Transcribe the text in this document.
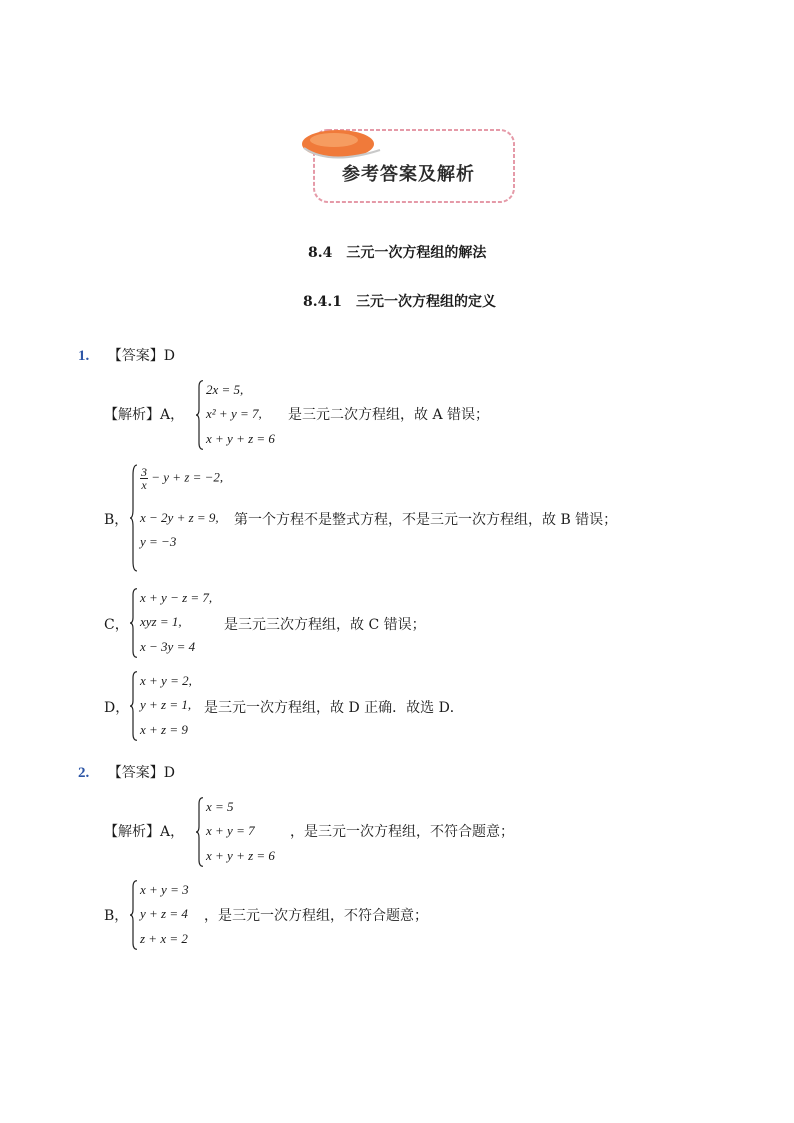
参考答案及解析
8.4　三元一次方程组的解法
8.4.1　三元一次方程组的定义
1. 【答案】D
【解析】A，
2x = 5,
x² + y = 7,
x + y + z = 6
是三元二次方程组，故 A 错误；
B，
$\frac{3}{x} - y + z = -2$,
x − 2y + z = 9,
y = −3
第一个方程不是整式方程，不是三元一次方程组，故 B 错误；
C，
x + y − z = 7,
xyz = 1,
x − 3y = 4
是三元三次方程组，故 C 错误；
D，
x + y = 2,
y + z = 1,
x + z = 9
是三元一次方程组，故 D 正确．故选 D．
2. 【答案】D
【解析】A，
x = 5
x + y = 7
x + y + z = 6
，是三元一次方程组，不符合题意；
B，
x + y = 3
y + z = 4
z + x = 2
，是三元一次方程组，不符合题意；
